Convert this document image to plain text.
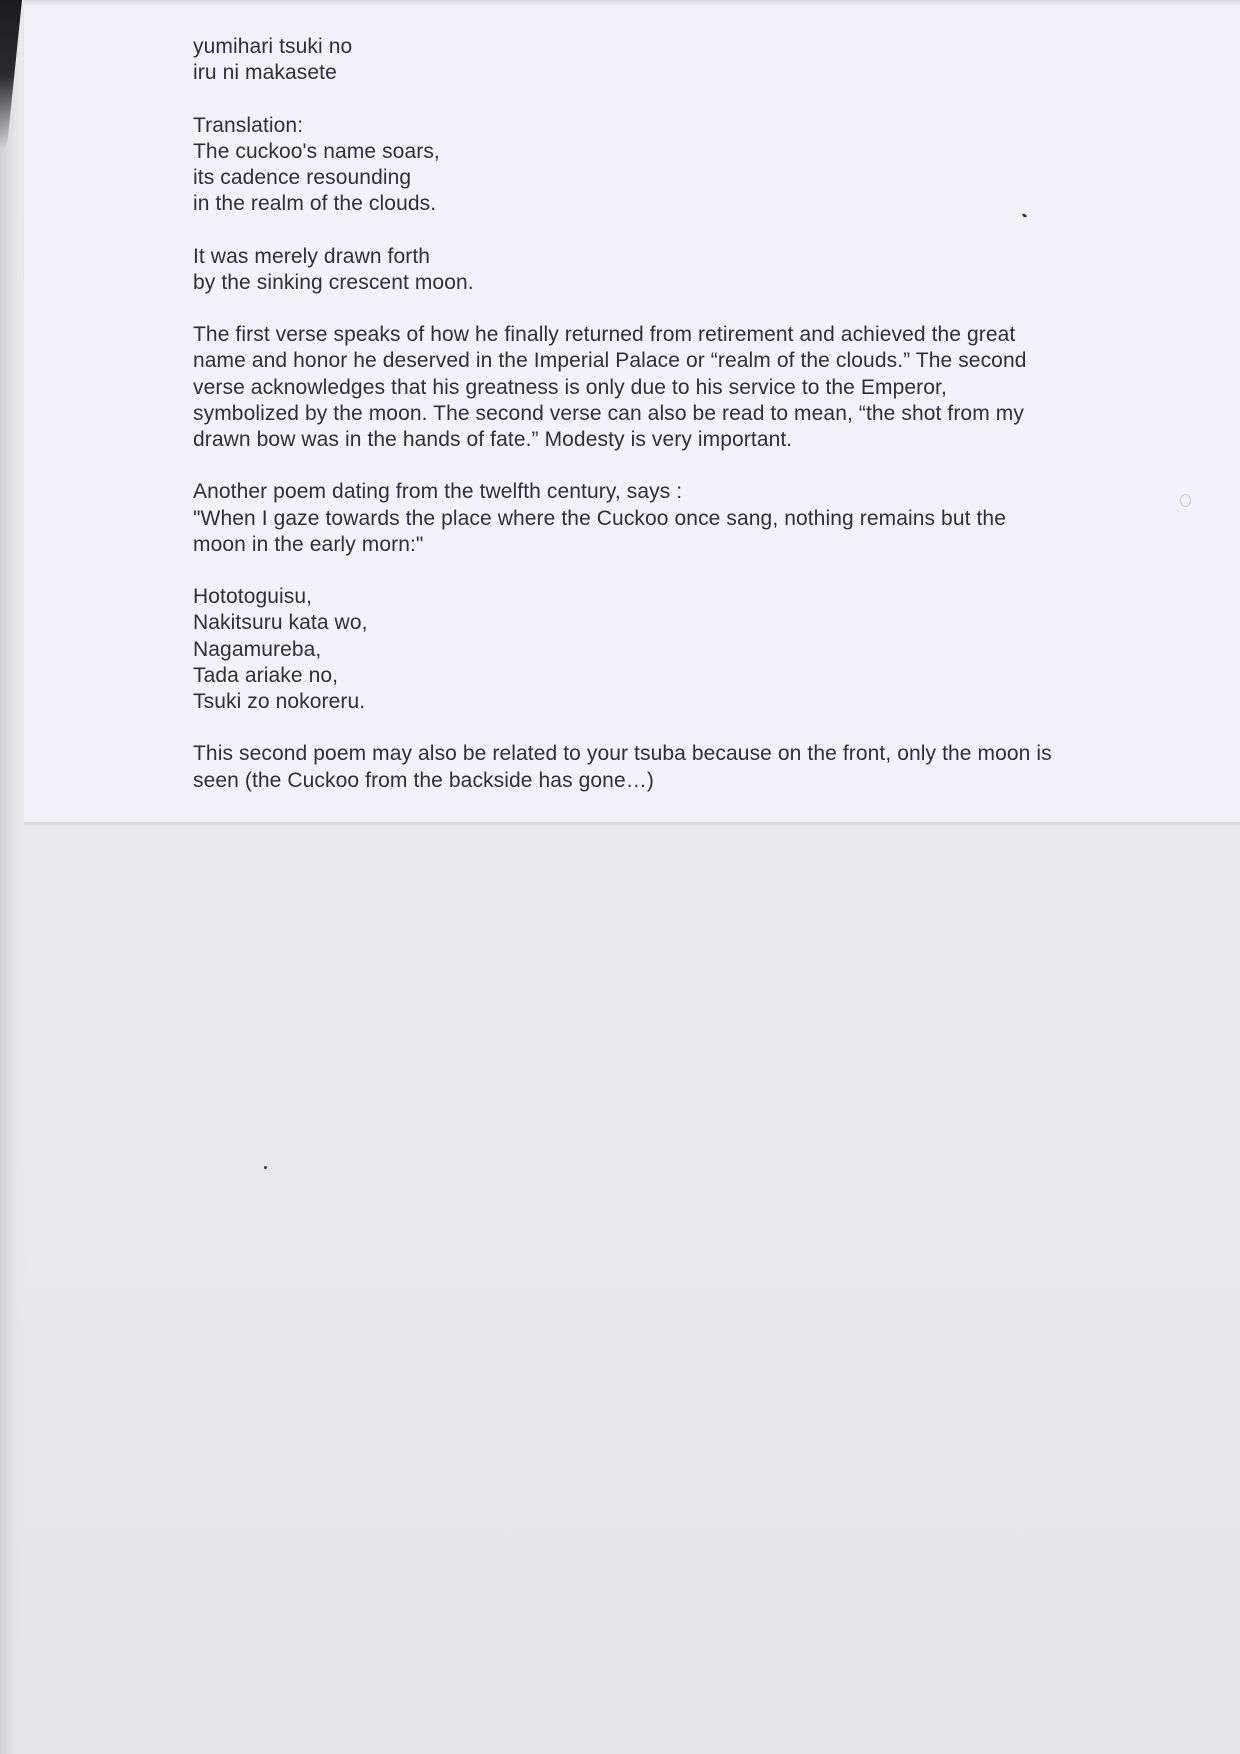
yumihari tsuki no
iru ni makasete
Translation:
The cuckoo's name soars,
its cadence resounding
in the realm of the clouds.
It was merely drawn forth
by the sinking crescent moon.
The first verse speaks of how he finally returned from retirement and achieved the great
name and honor he deserved in the Imperial Palace or “realm of the clouds.” The second
verse acknowledges that his greatness is only due to his service to the Emperor,
symbolized by the moon. The second verse can also be read to mean, “the shot from my
drawn bow was in the hands of fate.” Modesty is very important.
Another poem dating from the twelfth century, says :
"When I gaze towards the place where the Cuckoo once sang, nothing remains but the
moon in the early morn:"
Hototoguisu,
Nakitsuru kata wo,
Nagamureba,
Tada ariake no,
Tsuki zo nokoreru.
This second poem may also be related to your tsuba because on the front, only the moon is
seen (the Cuckoo from the backside has gone…)
